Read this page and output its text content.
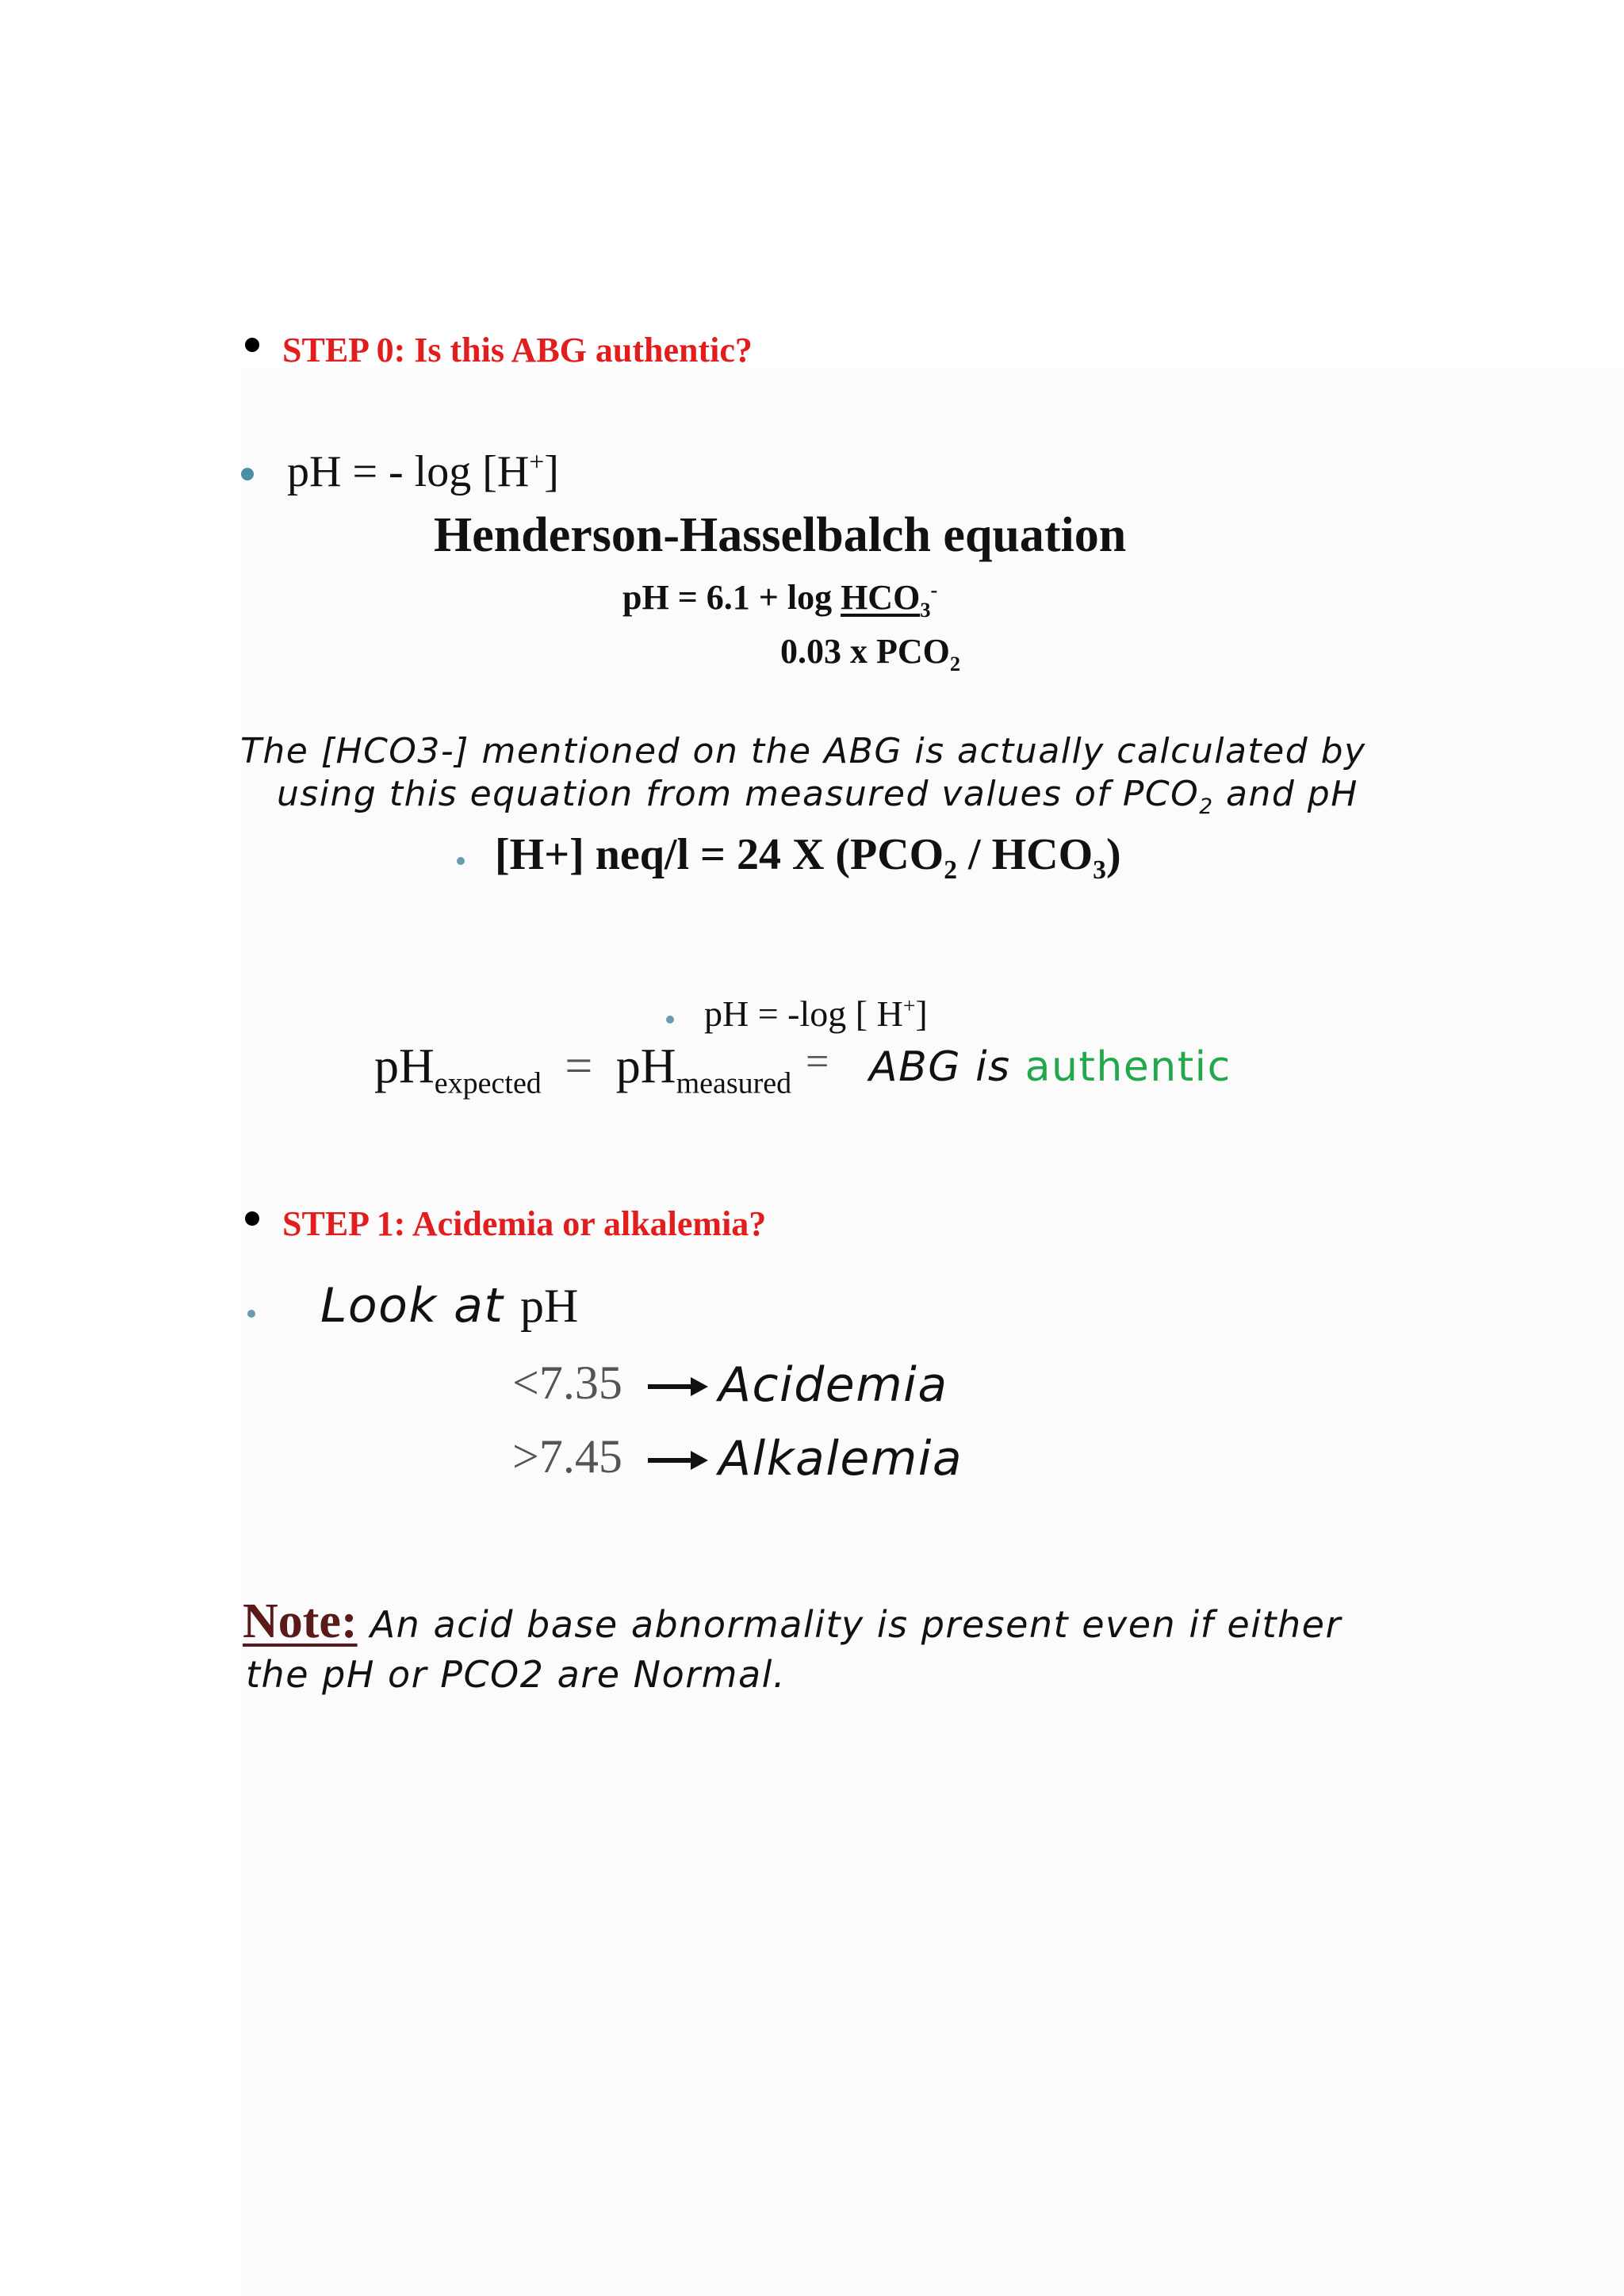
STEP 0: Is this ABG authentic?
pH = - log [H+]
Henderson-Hasselbalch equation
pH = $6.1 + \log HCO_3^-$
0.03 x $PCO_2$
The [HCO3-] mentioned on the ABG is actually calculated by
using this equation from measured values of $PCO_2$ and pH
[H+] neq/l = 24 X $(PCO_2 / HCO_3)$
pH = -log [ H+]
$pH_{expected} = pH_{measured}$ = ABG is authentic
STEP 1: Acidemia or alkalemia?
Look at pH
<7.35 Acidemia
>7.45 Alkalemia
Note: An acid base abnormality is present even if either
the pH or PCO2 are Normal.
